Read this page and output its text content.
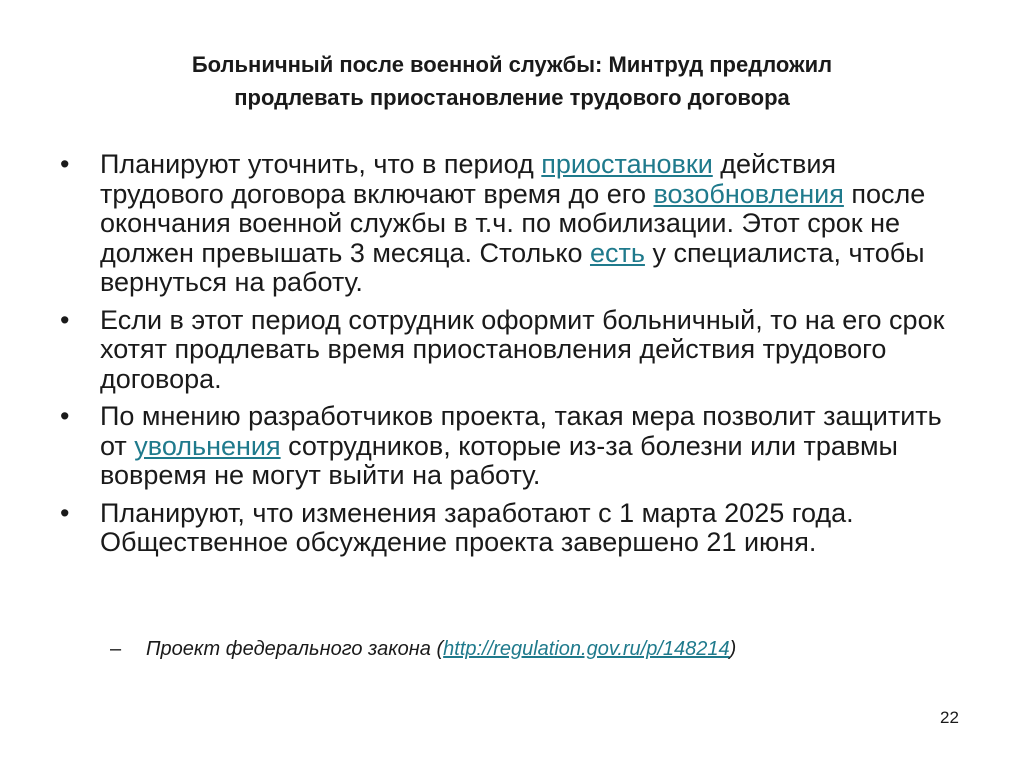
Больничный после военной службы: Минтруд предложил
продлевать приостановление трудового договора
•	Планируют уточнить, что в период приостановки действия трудового договора включают время до его возобновления после окончания военной службы в т.ч. по мобилизации. Этот срок не должен превышать 3 месяца. Столько есть у специалиста, чтобы вернуться на работу.
•	Если в этот период сотрудник оформит больничный, то на его срок хотят продлевать время приостановления действия трудового договора.
•	По мнению разработчиков проекта, такая мера позволит защитить от увольнения сотрудников, которые из-за болезни или травмы вовремя не могут выйти на работу.
•	Планируют, что изменения заработают с 1 марта 2025 года. Общественное обсуждение проекта завершено 21 июня.
– Проект федерального закона (http://regulation.gov.ru/p/148214)
22
